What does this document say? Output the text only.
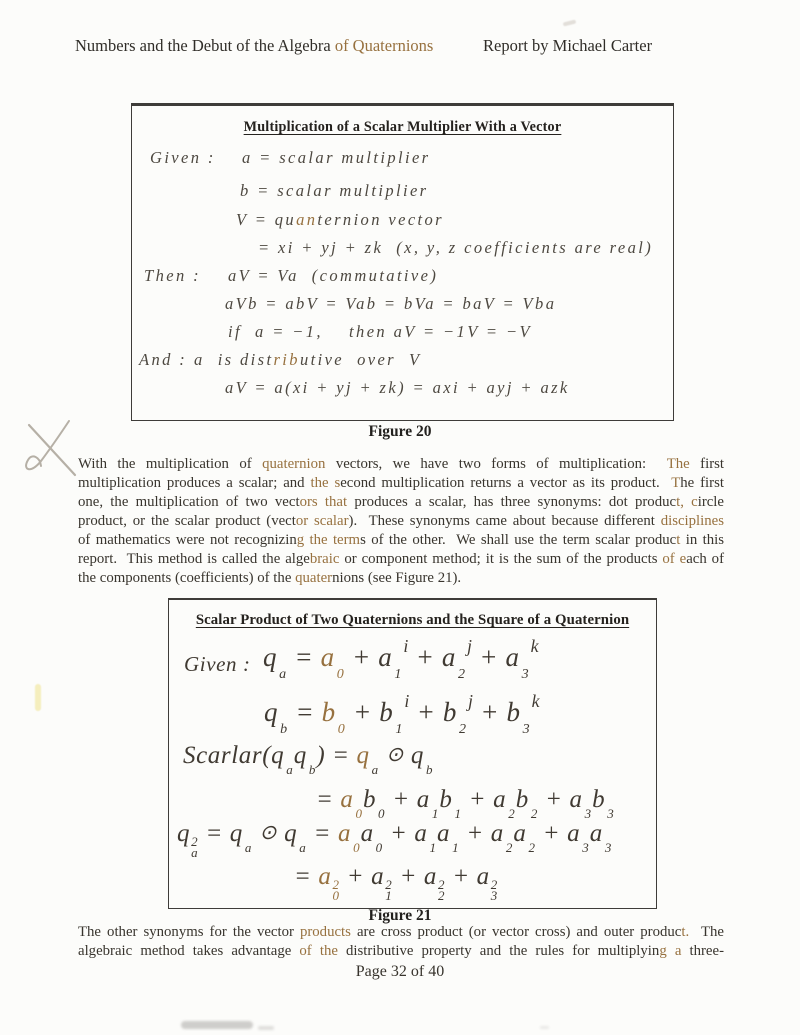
Numbers and the Debut of the Algebra of Quaternions	Report by Michael Carter
Multiplication of a Scalar Multiplier With a Vector
Given : a = scalar multiplier
b = scalar multiplier
V = quanternion vector
= xi + yj + zk  (x, y, z coefficients are real)
Then : aV = Va  (commutative)
aVb = abV = Vab = bVa = baV = Vba
if  a = −1,    then aV = −1V = −V
And : a  is distributive  over  V
aV = a(xi + yj + zk) = axi + ayj + azk
Figure 20
With the multiplication of quaternion vectors, we have two forms of multiplication:  The first
multiplication produces a scalar; and the second multiplication returns a vector as its product.  The first
one, the multiplication of two vectors that produces a scalar, has three synonyms: dot product, circle
product, or the scalar product (vector scalar).  These synonyms came about because different disciplines
of mathematics were not recognizing the terms of the other.  We shall use the term scalar product in this
report.  This method is called the algebraic or component method; it is the sum of the products of each of
the components (coefficients) of the quaternions (see Figure 21).
Scalar Product of Two Quaternions and the Square of a Quaternion
Given : $q_a = a_0 + a_1^i + a_2^j + a_3^k$
$q_b = b_0 + b_1^i + b_2^j + b_3^k$
$Scarlar(q_aq_b)$ = $q_a⊙$ $q_b$
= $a_0b_0 + a_1b_1 + a_2b_2 + a_3b_3$
q 2
a
= $q_a⊙$ $q_a = a_0a_0 + a_1a_1 + a_2a_2 + a_3a_3$
= a 2
0
+ a 2
1
+ a 2
2
+ a 2
3
Figure 21
The other synonyms for the vector products are cross product (or vector cross) and outer product.  The
algebraic method takes advantage of the distributive property and the rules for multiplying a three-
Page 32 of 40
